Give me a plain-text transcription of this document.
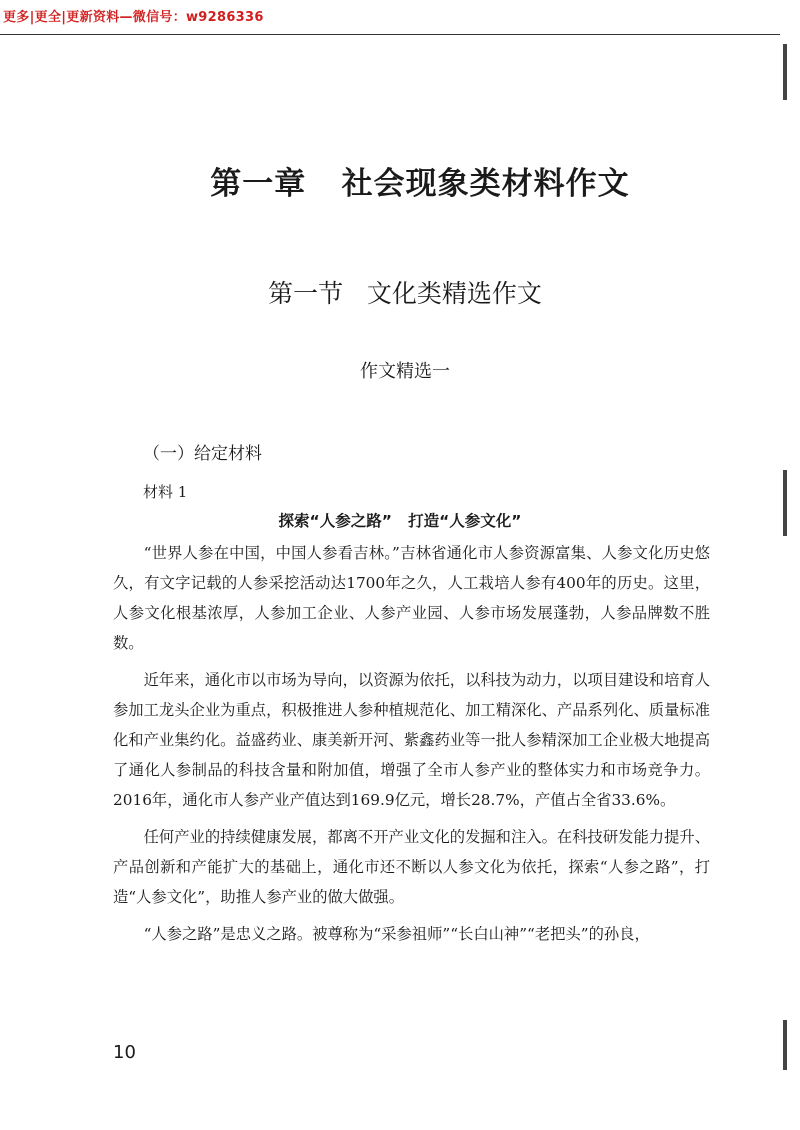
更多|更全|更新资料—微信号：w9286336
第一章   社会现象类材料作文
第一节   文化类精选作文
作文精选一
（一）给定材料
材料 1
探索“人参之路”   打造“人参文化”

“世界人参在中国，中国人参看吉林。”吉林省通化市人参资源富集、人参文化历史悠久，有文字记载的人参采挖活动达1700年之久，人工栽培人参有400年的历史。这里，人参文化根基浓厚，人参加工企业、人参产业园、人参市场发展蓬勃，人参品牌数不胜数。

近年来，通化市以市场为导向，以资源为依托，以科技为动力，以项目建设和培育人参加工龙头企业为重点，积极推进人参种植规范化、加工精深化、产品系列化、质量标准化和产业集约化。益盛药业、康美新开河、紫鑫药业等一批人参精深加工企业极大地提高了通化人参制品的科技含量和附加值，增强了全市人参产业的整体实力和市场竞争力。2016年，通化市人参产业产值达到169.9亿元，增长28.7%，产值占全省33.6%。

任何产业的持续健康发展，都离不开产业文化的发掘和注入。在科技研发能力提升、产品创新和产能扩大的基础上，通化市还不断以人参文化为依托，探索“人参之路”，打造“人参文化”，助推人参产业的做大做强。

“人参之路”是忠义之路。被尊称为“采参祖师”“长白山神”“老把头”的孙良，

10
